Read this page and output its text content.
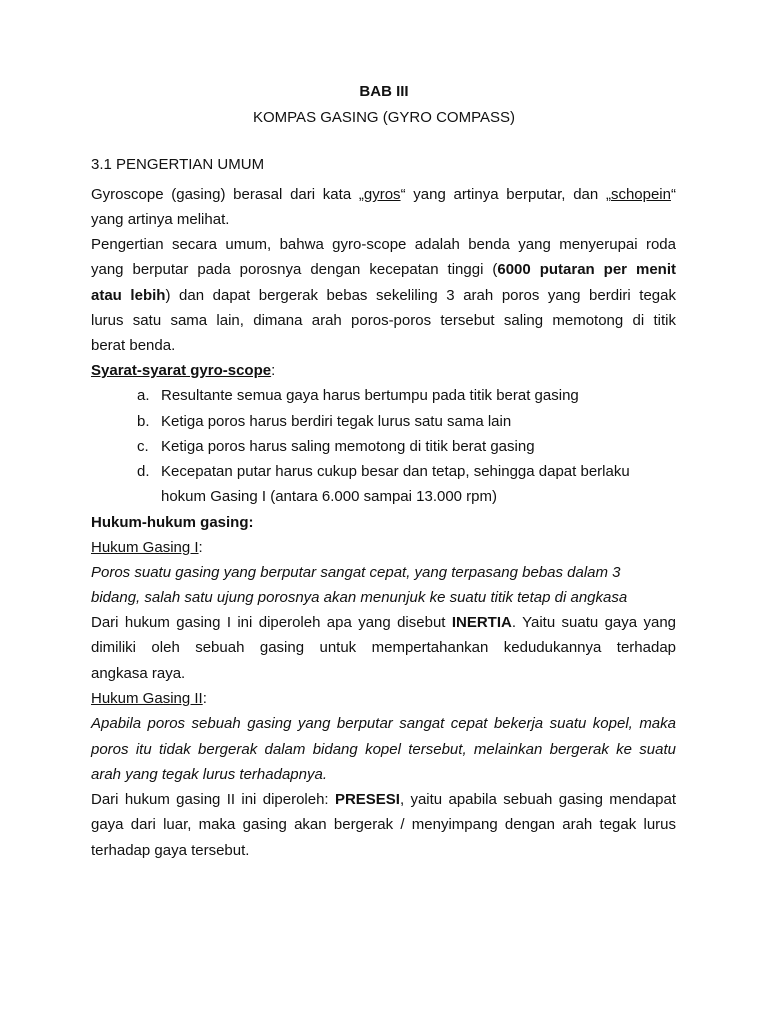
BAB III
KOMPAS GASING (GYRO COMPASS)
3.1 PENGERTIAN UMUM
Gyroscope (gasing) berasal dari kata „gyros“ yang artinya berputar, dan „schopein“
yang artinya melihat.
Pengertian secara umum, bahwa gyro-scope adalah benda yang menyerupai roda
yang berputar pada porosnya dengan kecepatan tinggi (6000 putaran per menit
atau lebih) dan dapat bergerak bebas sekeliling 3 arah poros yang berdiri tegak
lurus satu sama lain, dimana arah poros-poros tersebut saling memotong di titik
berat benda.
Syarat-syarat gyro-scope:
a. Resultante semua gaya harus bertumpu pada titik berat gasing
b. Ketiga poros harus berdiri tegak lurus satu sama lain
c. Ketiga poros harus saling memotong di titik berat gasing
d. Kecepatan putar harus cukup besar dan tetap, sehingga dapat berlaku
hokum Gasing I (antara 6.000 sampai 13.000 rpm)
Hukum-hukum gasing:
Hukum Gasing I:
Poros suatu gasing yang berputar sangat cepat, yang terpasang bebas dalam 3
bidang, salah satu ujung porosnya akan menunjuk ke suatu titik tetap di angkasa
Dari hukum gasing I ini diperoleh apa yang disebut INERTIA. Yaitu suatu gaya yang
dimiliki oleh sebuah gasing untuk mempertahankan kedudukannya terhadap
angkasa raya.
Hukum Gasing II:
Apabila poros sebuah gasing yang berputar sangat cepat bekerja suatu kopel, maka
poros itu tidak bergerak dalam bidang kopel tersebut, melainkan bergerak ke suatu
arah yang tegak lurus terhadapnya.
Dari hukum gasing II ini diperoleh: PRESESI, yaitu apabila sebuah gasing mendapat
gaya dari luar, maka gasing akan bergerak / menyimpang dengan arah tegak lurus
terhadap gaya tersebut.
